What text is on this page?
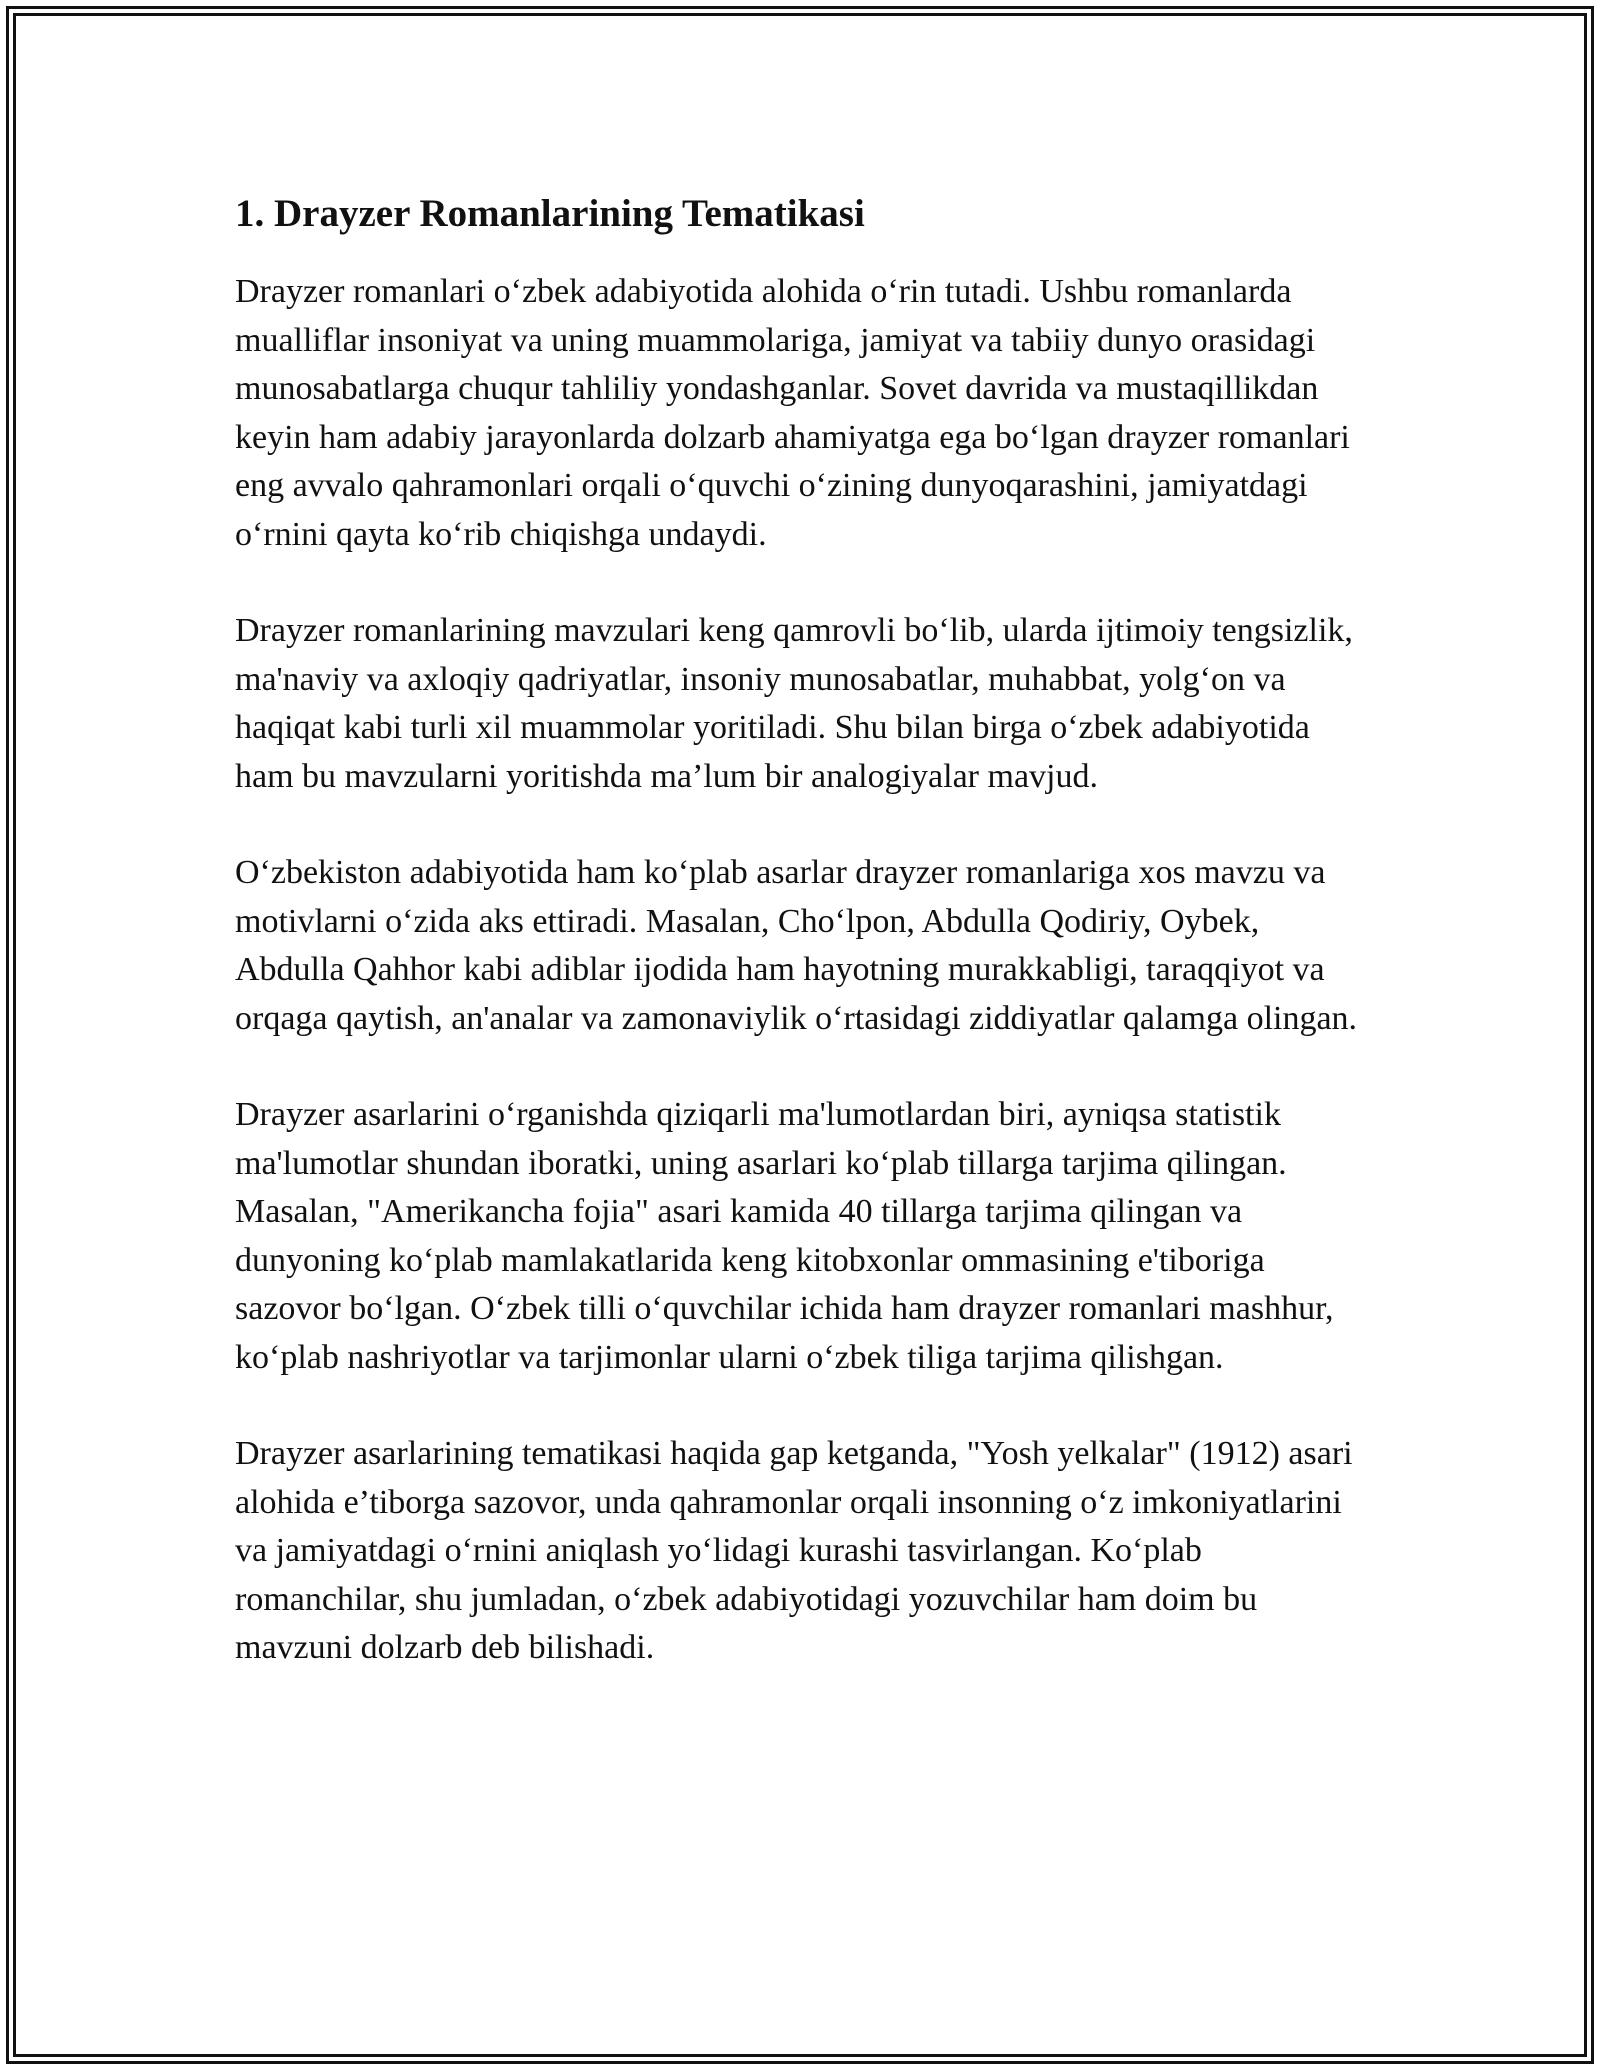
1. Drayzer Romanlarining Tematikasi

Drayzer romanlari o‘zbek adabiyotida alohida o‘rin tutadi. Ushbu romanlarda mualliflar insoniyat va uning muammolariga, jamiyat va tabiiy dunyo orasidagi munosabatlarga chuqur tahliliy yondashganlar. Sovet davrida va mustaqillikdan keyin ham adabiy jarayonlarda dolzarb ahamiyatga ega bo‘lgan drayzer romanlari eng avvalo qahramonlari orqali o‘quvchi o‘zining dunyoqarashini, jamiyatdagi o‘rnini qayta ko‘rib chiqishga undaydi.

Drayzer romanlarining mavzulari keng qamrovli bo‘lib, ularda ijtimoiy tengsizlik, ma'naviy va axloqiy qadriyatlar, insoniy munosabatlar, muhabbat, yolg‘on va haqiqat kabi turli xil muammolar yoritiladi. Shu bilan birga o‘zbek adabiyotida ham bu mavzularni yoritishda ma’lum bir analogiyalar mavjud.

O‘zbekiston adabiyotida ham ko‘plab asarlar drayzer romanlariga xos mavzu va motivlarni o‘zida aks ettiradi. Masalan, Cho‘lpon, Abdulla Qodiriy, Oybek, Abdulla Qahhor kabi adiblar ijodida ham hayotning murakkabligi, taraqqiyot va orqaga qaytish, an'analar va zamonaviylik o‘rtasidagi ziddiyatlar qalamga olingan.

Drayzer asarlarini o‘rganishda qiziqarli ma'lumotlardan biri, ayniqsa statistik ma'lumotlar shundan iboratki, uning asarlari ko‘plab tillarga tarjima qilingan. Masalan, "Amerikancha fojia" asari kamida 40 tillarga tarjima qilingan va dunyoning ko‘plab mamlakatlarida keng kitobxonlar ommasining e'tiboriga sazovor bo‘lgan. O‘zbek tilli o‘quvchilar ichida ham drayzer romanlari mashhur, ko‘plab nashriyotlar va tarjimonlar ularni o‘zbek tiliga tarjima qilishgan.

Drayzer asarlarining tematikasi haqida gap ketganda, "Yosh yelkalar" (1912) asari alohida e’tiborga sazovor, unda qahramonlar orqali insonning o‘z imkoniyatlarini va jamiyatdagi o‘rnini aniqlash yo‘lidagi kurashi tasvirlangan. Ko‘plab romanchilar, shu jumladan, o‘zbek adabiyotidagi yozuvchilar ham doim bu mavzuni dolzarb deb bilishadi.
